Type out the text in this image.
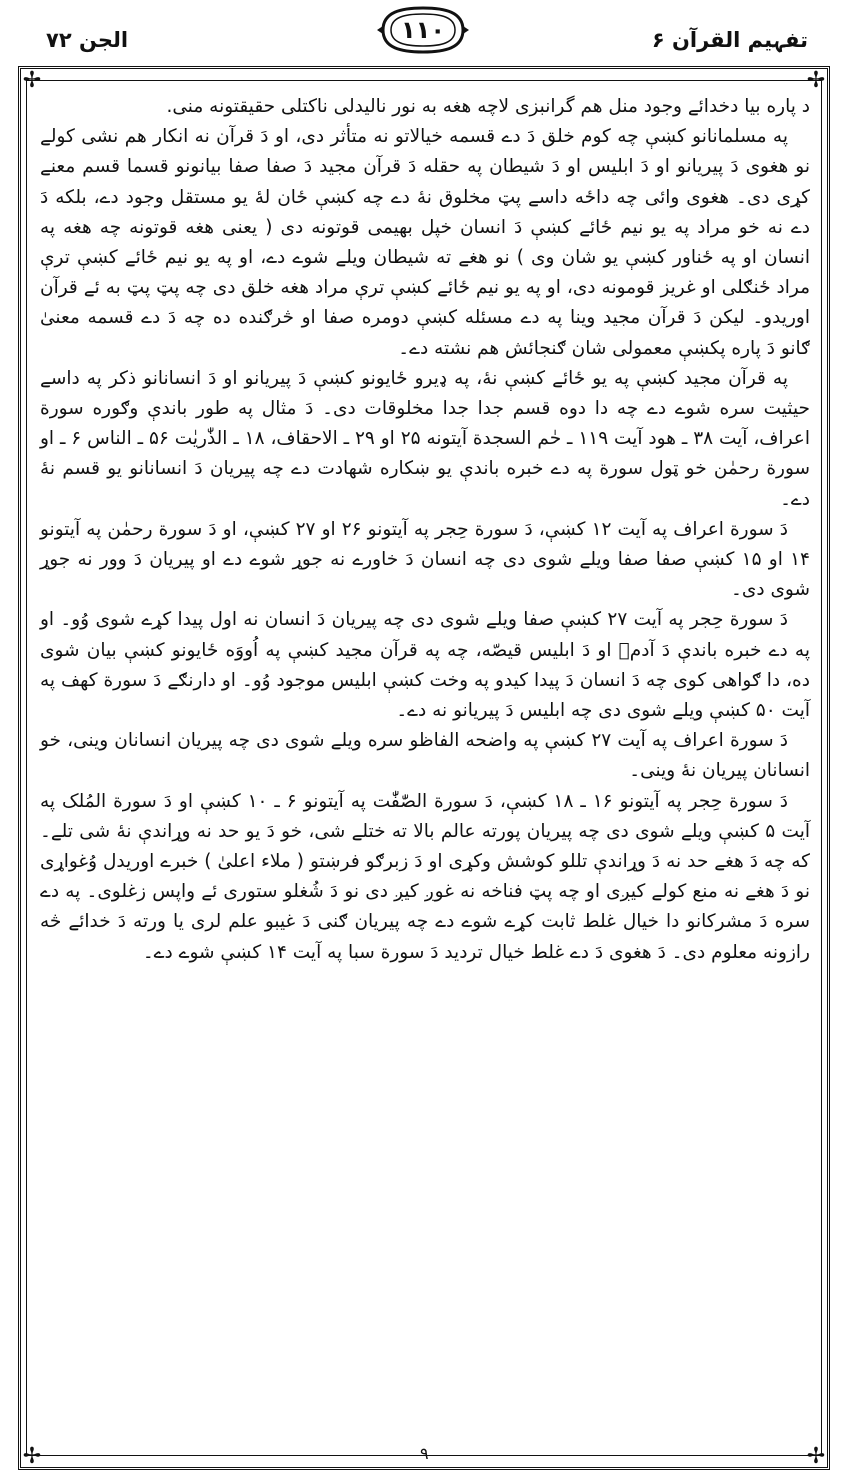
۱۱۰	تفہیم القرآن ۶
الجن ۷۲
✢	✢
✢	✢

د پاره بیا دخدائے وجود منل هم گرانبزی لاچه هغه به نور نالیدلی ناکتلی حقیقتونه منی.

په مسلمانانو کښې چه کوم خلق دَ دے قسمه خیالاتو نه متأثر دی، او دَ قرآن نه انکار هم نشی کولے نو هغوی دَ پیریانو او دَ ابلیس او دَ شیطان په حقله دَ قرآن مجید دَ صفا صفا بیانونو قسما قسم معنے کړی دی۔ هغوی وائی چه داځه داسے پټ مخلوق نهٔ دے چه کښې ځان لهٔ یو مستقل وجود دے، بلکه دَ دے نه خو مراد په یو نیم ځائے کښې دَ انسان خپل بهیمی قوتونه دی ( یعنی هغه قوتونه چه هغه په انسان او په ځناور کښې یو شان وی ) نو هغے ته شیطان ویلے شوے دے، او په یو نیم ځائے کښې ترې مراد ځنګلی او غریز قومونه دی، او په یو نیم ځائے کښې ترې مراد هغه خلق دی چه پټ پټ به ئے قرآن اوریدو۔ لیکن دَ قرآن مجید وینا په دے مسئله کښې دومره صفا او څرګنده ده چه دَ دے قسمه معنیٰ ګانو دَ پاره پکښې معمولی شان ګنجائش هم نشته دے۔

په قرآن مجید کښې په یو ځائے کښې نهٔ، په ډیرو ځایونو کښې دَ پیریانو او دَ انسانانو ذکر په داسے حیثیت سره شوے دے چه دا دوه قسم جدا جدا مخلوقات دی۔ دَ مثال په طور باندې وګوره سورة اعراف، آیت ۳۸ ـ هود آیت ۱۱۹ ـ حٰم السجدة آیتونه ۲۵ او ۲۹ ـ الاحقاف، ۱۸ ـ الذّٰریٰت ۵۶ ـ الناس ۶ ـ او سورة رحمٰن خو ټول سورة په دے خبره باندې یو ښکاره شهادت دے چه پیریان دَ انسانانو یو قسم نهٔ دے۔

دَ سورة اعراف په آیت ۱۲ کښې، دَ سورة حِجر په آیتونو ۲۶ او ۲۷ کښې، او دَ سورة رحمٰن په آیتونو ۱۴ او ۱۵ کښې صفا صفا ویلے شوی دی چه انسان دَ خاورے نه جوړ شوے دے او پیریان دَ وور نه جوړ شوی دی۔

دَ سورة حِجر په آیت ۲۷ کښې صفا ویلے شوی دی چه پیریان دَ انسان نه اول پیدا کړے شوی وُو۔ او په دے خبره باندې دَ آدمؑ او دَ ابلیس قیصّه، چه په قرآن مجید کښې په اُووَه ځایونو کښې بیان شوی ده، دا ګواهی کوی چه دَ انسان دَ پیدا کیدو په وخت کښې ابلیس موجود وُو۔ او دارنګے دَ سورة کهف په آیت ۵۰ کښې ویلے شوی دی چه ابلیس دَ پیریانو نه دے۔

دَ سورة اعراف په آیت ۲۷ کښې په واضحه الفاظو سره ویلے شوی دی چه پیریان انسانان وینی، خو انسانان پیریان نهٔ وینی۔

دَ سورة حِجر په آیتونو ۱۶ ـ ۱۸ کښې، دَ سورة الصّٰفّٰت په آیتونو ۶ ـ ۱۰ کښې او دَ سورة المُلک په آیت ۵ کښې ویلے شوی دی چه پیریان پورته عالم بالا ته ختلے شی، خو دَ یو حد نه وړاندې نهٔ شی تلے۔ که چه دَ هغے حد نه دَ وړاندې تللو کوشش وکړی او دَ زبرګو فرښتو ( ملاء اعلیٰ ) خبرے اوریدل وُغواړی نو دَ هغے نه منع کولے کیږی او چه پټ فناخه نه غوږ کیږ دی نو دَ شُغلو ستوری ئے واپس زغلوی۔ په دے سره دَ مشرکانو دا خیال غلط ثابت کړے شوے دے چه پیریان ګنی دَ غیبو علم لری یا ورته دَ خدائے څه رازونه معلوم دی۔ دَ هغوی دَ دے غلط خیال تردید دَ سورة سبا په آیت ۱۴ کښې شوے دے۔

۹
